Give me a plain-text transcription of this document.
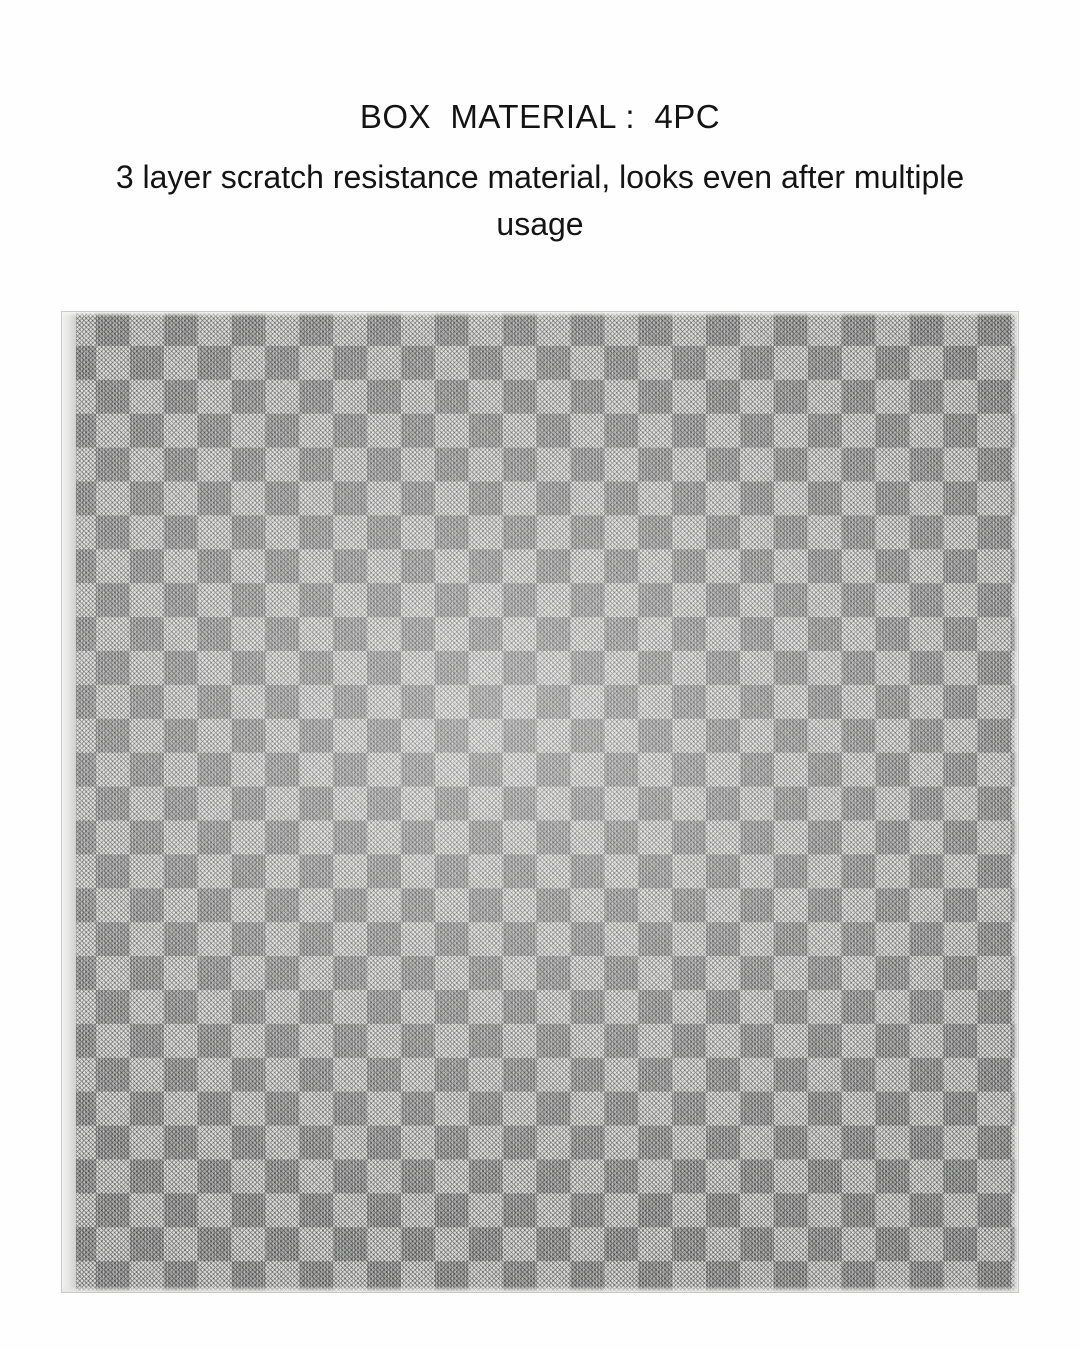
BOX  MATERIAL :  4PC
3 layer scratch resistance material, looks even after multiple usage
